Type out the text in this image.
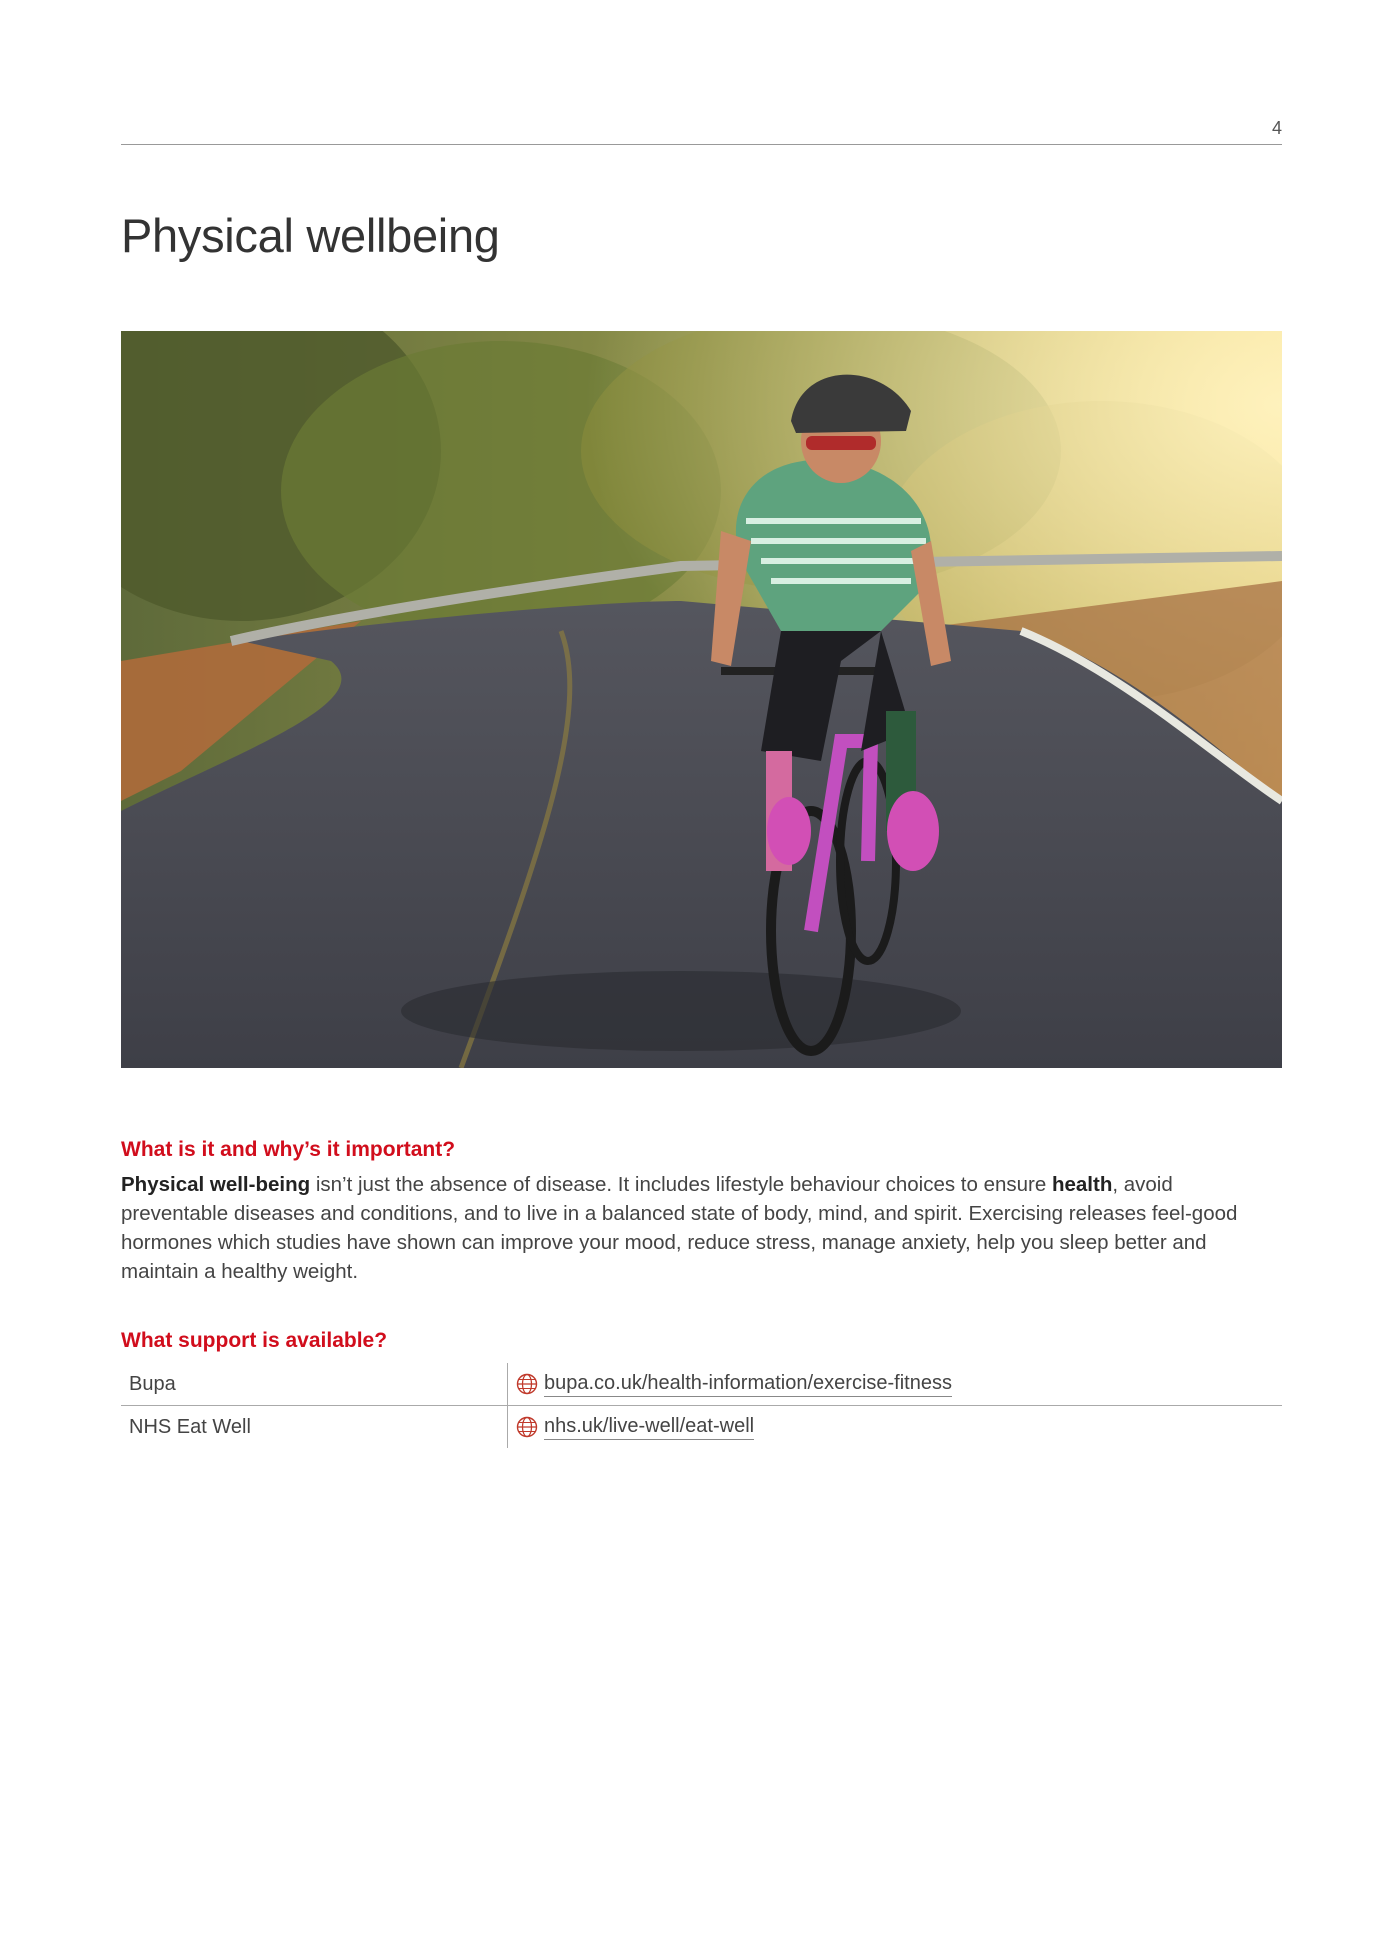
4
Physical wellbeing
What is it and why’s it important?

Physical well-being isn’t just the absence of disease. It includes lifestyle behaviour choices to ensure health, avoid preventable diseases and conditions, and to live in a balanced state of body, mind, and spirit. Exercising releases feel-good hormones which studies have shown can improve your mood, reduce stress, manage anxiety, help you sleep better and maintain a healthy weight.

What support is available?
Bupa	bupa.co.uk/health-information/exercise-fitness

NHS Eat Well	nhs.uk/live-well/eat-well
